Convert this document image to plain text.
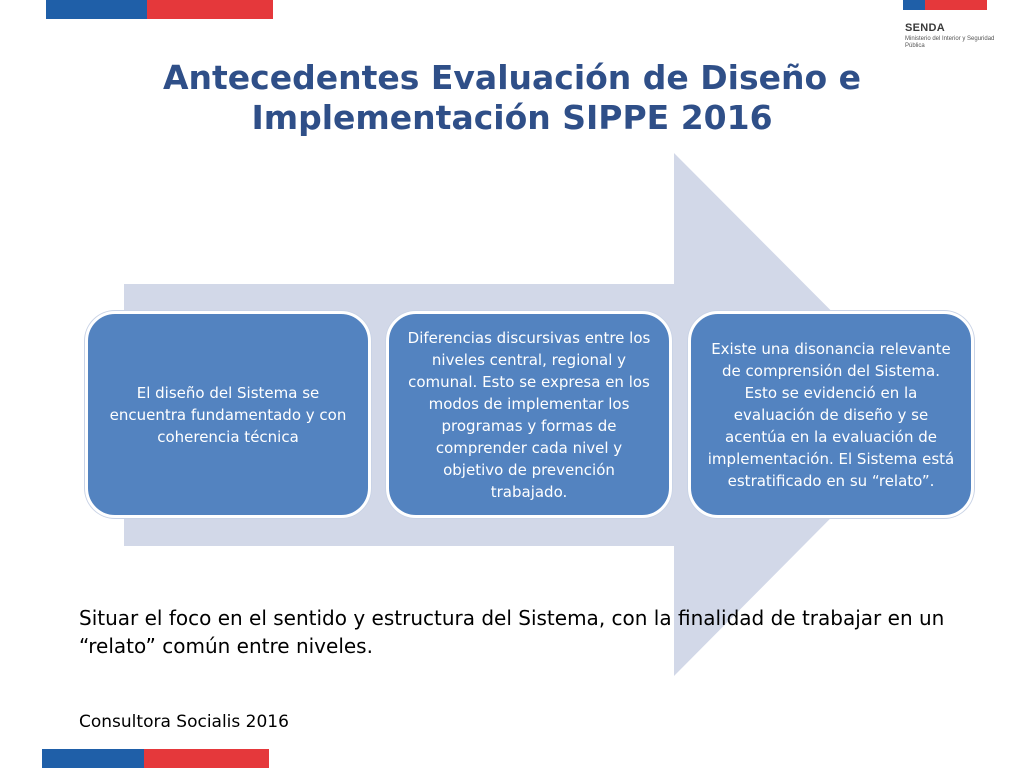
SENDA
Ministerio del Interior y Seguridad Pública
Antecedentes Evaluación de Diseño e Implementación SIPPE 2016
El diseño del Sistema se encuentra fundamentado y con coherencia técnica
Diferencias discursivas entre los niveles central, regional y comunal. Esto se expresa en los modos de implementar los programas y formas de comprender cada nivel y objetivo de prevención trabajado.
Existe una disonancia relevante de comprensión del Sistema. Esto se evidenció en la evaluación de diseño y se acentúa en la evaluación de implementación. El Sistema está estratificado en su “relato”.

Situar el foco en el sentido y estructura del Sistema, con la finalidad de trabajar en un “relato” común entre niveles.

Consultora Socialis 2016
